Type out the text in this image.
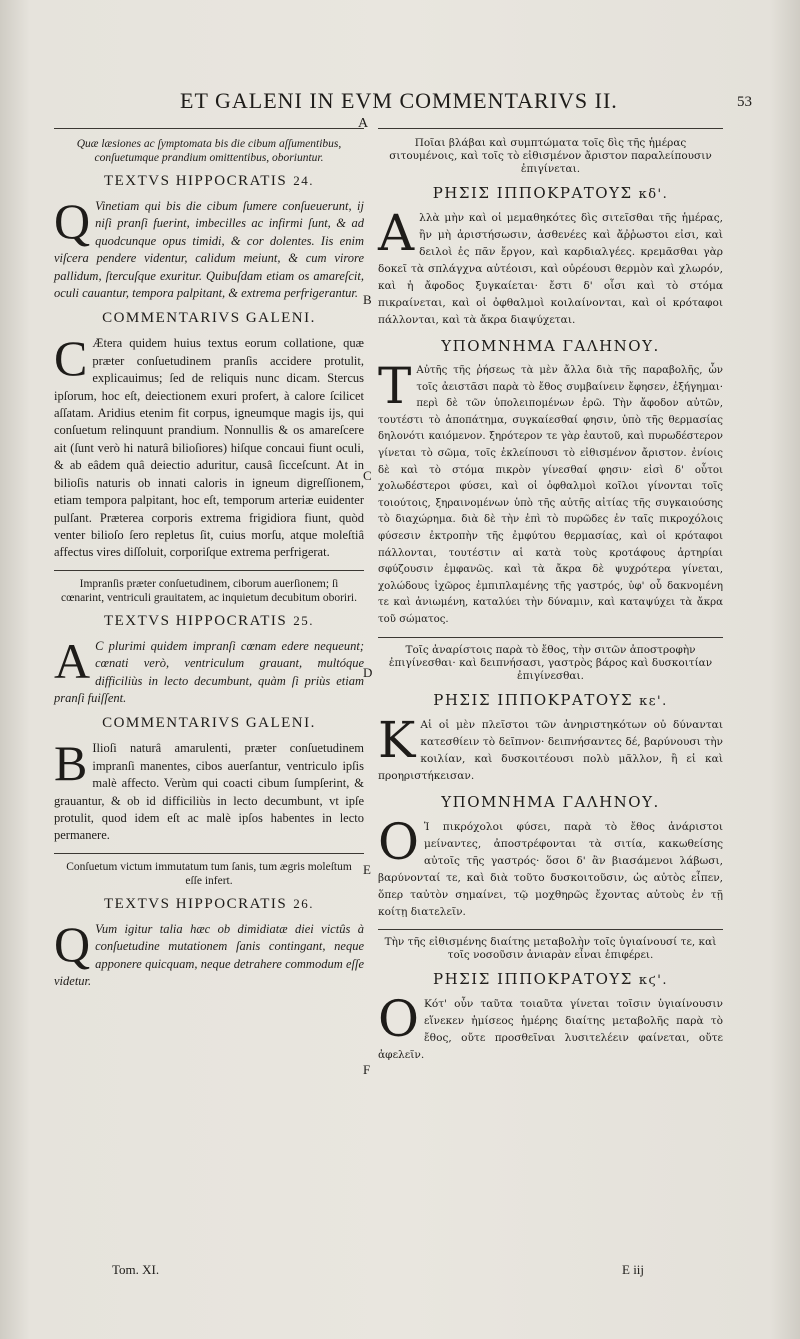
ET GALENI IN EVM COMMENTARIVS II.	53
A

Quæ læsiones ac ſymptomata bis die cibum aſſumentibus, conſuetumque prandium omittentibus, oboriuntur.

TEXTVS HIPPOCRATIS 24.

Q Vinetiam qui bis die cibum ſumere conſueuerunt, ij niſi pranſi fuerint, imbecilles ac infirmi ſunt, & ad quodcunque opus timidi, & cor dolentes. Iis enim viſcera pendere videntur, calidum meiunt, & cum virore pallidum, ſtercuſque exuritur. Quibuſdam etiam os amareſcit, oculi cauantur, tempora palpitant, & extrema perfrigerantur.

COMMENTARIVS GALENI.

C Ætera quidem huius textus eorum collatione, quæ præter conſuetudinem pranſis accidere protulit, explicauimus; ſed de reliquis nunc dicam. Stercus ipſorum, hoc eſt, deiectionem exuri profert, à calore ſcilicet aſſatam. Aridius etenim fit corpus, igneumque magis ijs, qui conſuetum relinquunt prandium. Nonnullis & os amareſcere ait (ſunt verò hi naturâ bilioſiores) hiſque concaui fiunt oculi, & ab eâdem quâ deiectio aduritur, causâ ſicceſcunt. At in bilioſis naturis ob innati caloris in igneum digreſſionem, etiam tempora palpitant, hoc eſt, temporum arteriæ euidenter pulſant. Præterea corporis extrema frigidiora fiunt, quòd venter bilioſo ſero repletus ſit, cuius morſu, atque moleſtiâ affectus vires diſſoluit, corporiſque extrema perfrigerat.

Impranſis præter conſuetudinem, ciborum auerſionem; ſi cœnarint, ventriculi grauitatem, ac inquietum decubitum oboriri.

TEXTVS HIPPOCRATIS 25.

A C plurimi quidem impranſi cœnam edere nequeunt; cœnati verò, ventriculum grauant, multóque difficiliùs in lecto decumbunt, quàm ſi priùs etiam pranſi fuiſſent.

COMMENTARIVS GALENI.

B Ilioſi naturâ amarulenti, præter conſuetudinem impranſi manentes, cibos auerſantur, ventriculo ipſis malè affecto. Verùm qui coacti cibum ſumpſerint, & grauantur, & ob id difficiliùs in lecto decumbunt, vt ipſe protulit, quod idem eſt ac malè ipſos habentes in lecto permanere.

Conſuetum victum immutatum tum ſanis, tum ægris moleſtum eſſe infert.

TEXTVS HIPPOCRATIS 26.

Q Vum igitur talia hæc ob dimidiatæ diei victûs à conſuetudine mutationem ſanis contingant, neque apponere quicquam, neque detrahere commodum eſſe videtur.

Ποῖαι βλάβαι καὶ συμπτώματα τοῖς δὶς τῆς ἡμέρας σιτουμένοις, καὶ τοῖς τὸ εἰθισμένον ἄριστον παραλείπουσιν ἐπιγίνεται.

ΡΗΣΙΣ ΙΠΠΟΚΡΑΤΟΥΣ κδ'.

Αλλὰ μὴν καὶ οἱ μεμαθηκότες δὶς σιτεῖσθαι τῆς ἡμέρας, ἢν μὴ ἀριστήσωσιν, ἀσθενέες καὶ ἄῤῥωστοι εἰσι, καὶ δειλοὶ ἐς πᾶν ἔργον, καὶ καρδιαλγέες. κρεμᾶσθαι γὰρ δοκεῖ τὰ σπλάγχνα αὐτέοισι, καὶ οὐρέουσι θερμὸν καὶ χλωρόν, καὶ ἡ ἄφοδος ξυγκαίεται· ἔστι δ' οἷσι καὶ τὸ στόμα πικραίνεται, καὶ οἱ ὀφθαλμοὶ κοιλαίνονται, καὶ οἱ κρόταφοι πάλλονται, καὶ τὰ ἄκρα διαψύχεται.

ΥΠΟΜΝΗΜΑ ΓΑΛΗΝΟΥ.

Τ Αὐτῆς τῆς ῥήσεως τὰ μὲν ἄλλα διὰ τῆς παραβολῆς, ὧν τοῖς ἀειστᾶσι παρὰ τὸ ἔθος συμβαίνειν ἔφησεν, ἐξήγημαι· περὶ δὲ τῶν ὑπολειπομένων ἐρῶ. Τὴν ἄφοδον αὐτῶν, τουτέστι τὸ ἀποπάτημα, συγκαίεσθαί φησιν, ὑπὸ τῆς θερμασίας δηλονότι καιόμενον. ξηρότερον τε γὰρ ἑαυτοῦ, καὶ πυρωδέστερον γίνεται τὸ σῶμα, τοῖς ἐκλείπουσι τὸ εἰθισμένον ἄριστον. ἐνίοις δὲ καὶ τὸ στόμα πικρὸν γίνεσθαί φησιν· εἰσὶ δ' οὗτοι χολωδέστεροι φύσει, καὶ οἱ ὀφθαλμοὶ κοῖλοι γίνονται τοῖς τοιούτοις, ξηραινομένων ὑπὸ τῆς αὐτῆς αἰτίας τῆς συγκαιούσης τὸ διαχώρημα. διὰ δὲ τὴν ἐπὶ τὸ πυρῶδες ἐν ταῖς πικροχόλοις φύσεσιν ἐκτροπὴν τῆς ἐμφύτου θερμασίας, καὶ οἱ κρόταφοι πάλλονται, τουτέστιν αἱ κατὰ τοὺς κροτάφους ἀρτηρίαι σφύζουσιν ἐμφανῶς. καὶ τὰ ἄκρα δὲ ψυχρότερα γίνεται, χολώδους ἰχῶρος ἐμπιπλαμένης τῆς γαστρός, ὑφ' οὗ δακνομένη τε καὶ ἀνιωμένη, καταλύει τὴν δύναμιν, καὶ καταψύχει τὰ ἄκρα τοῦ σώματος.

Τοῖς ἀναρίστοις παρὰ τὸ ἔθος, τὴν σιτῶν ἀποστροφὴν ἐπιγίνεσθαι· καὶ δειπνήσασι, γαστρὸς βάρος καὶ δυσκοιτίαν ἐπιγίνεσθαι.

ΡΗΣΙΣ ΙΠΠΟΚΡΑΤΟΥΣ κε'.

Κ Αἱ οἱ μὲν πλεῖστοι τῶν ἀνηριστηκότων οὐ δύνανται κατεσθίειν τὸ δεῖπνον· δειπνήσαντες δέ, βαρύνουσι τὴν κοιλίαν, καὶ δυσκοιτέουσι πολὺ μᾶλλον, ἢ εἰ καὶ προηριστήκεισαν.

ΥΠΟΜΝΗΜΑ ΓΑΛΗΝΟΥ.

Ο Ἱ πικρόχολοι φύσει, παρὰ τὸ ἔθος ἀνάριστοι μείναντες, ἀποστρέφονται τὰ σιτία, κακωθείσης αὐτοῖς τῆς γαστρός· ὅσοι δ' ἂν βιασάμενοι λάβωσι, βαρύνονταί τε, καὶ διὰ τοῦτο δυσκοιτοῦσιν, ὡς αὐτὸς εἶπεν, ὅπερ ταὐτὸν σημαίνει, τῷ μοχθηρῶς ἔχοντας αὐτοὺς ἐν τῇ κοίτῃ διατελεῖν.

Τὴν τῆς εἰθισμένης διαίτης μεταβολὴν τοῖς ὑγιαίνουσί τε, καὶ τοῖς νοσοῦσιν ἀνιαρὰν εἶναι ἐπιφέρει.

ΡΗΣΙΣ ΙΠΠΟΚΡΑΤΟΥΣ κϛ'.

Ο Κότ' οὖν ταῦτα τοιαῦτα γίνεται τοῖσιν ὑγιαίνουσιν εἵνεκεν ἡμίσεος ἡμέρης διαίτης μεταβολῆς παρὰ τὸ ἔθος, οὔτε προσθεῖναι λυσιτελέειν φαίνεται, οὔτε ἀφελεῖν.

B
C
D
E
F
Tom. XI.	E iij
